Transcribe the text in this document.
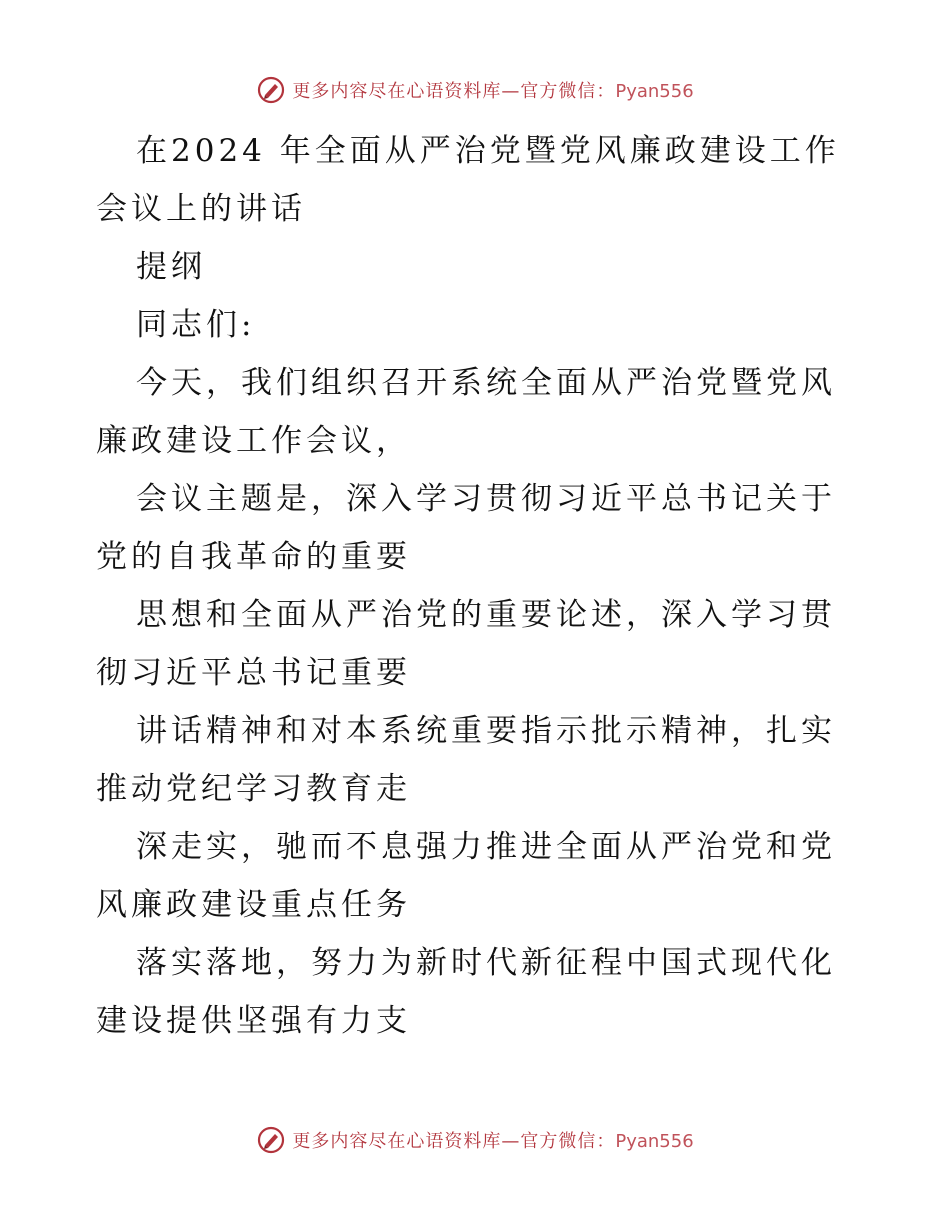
更多内容尽在心语资料库—官方微信：Pyan556

在2024 年全面从严治党暨党风廉政建设工作会议上的讲话

提纲

同志们:

今天，我们组织召开系统全面从严治党暨党风廉政建设工作会议，

会议主题是，深入学习贯彻习近平总书记关于党的自我革命的重要

思想和全面从严治党的重要论述，深入学习贯彻习近平总书记重要

讲话精神和对本系统重要指示批示精神，扎实推动党纪学习教育走

深走实，驰而不息强力推进全面从严治党和党风廉政建设重点任务

落实落地，努力为新时代新征程中国式现代化建设提供坚强有力支

更多内容尽在心语资料库—官方微信：Pyan556
